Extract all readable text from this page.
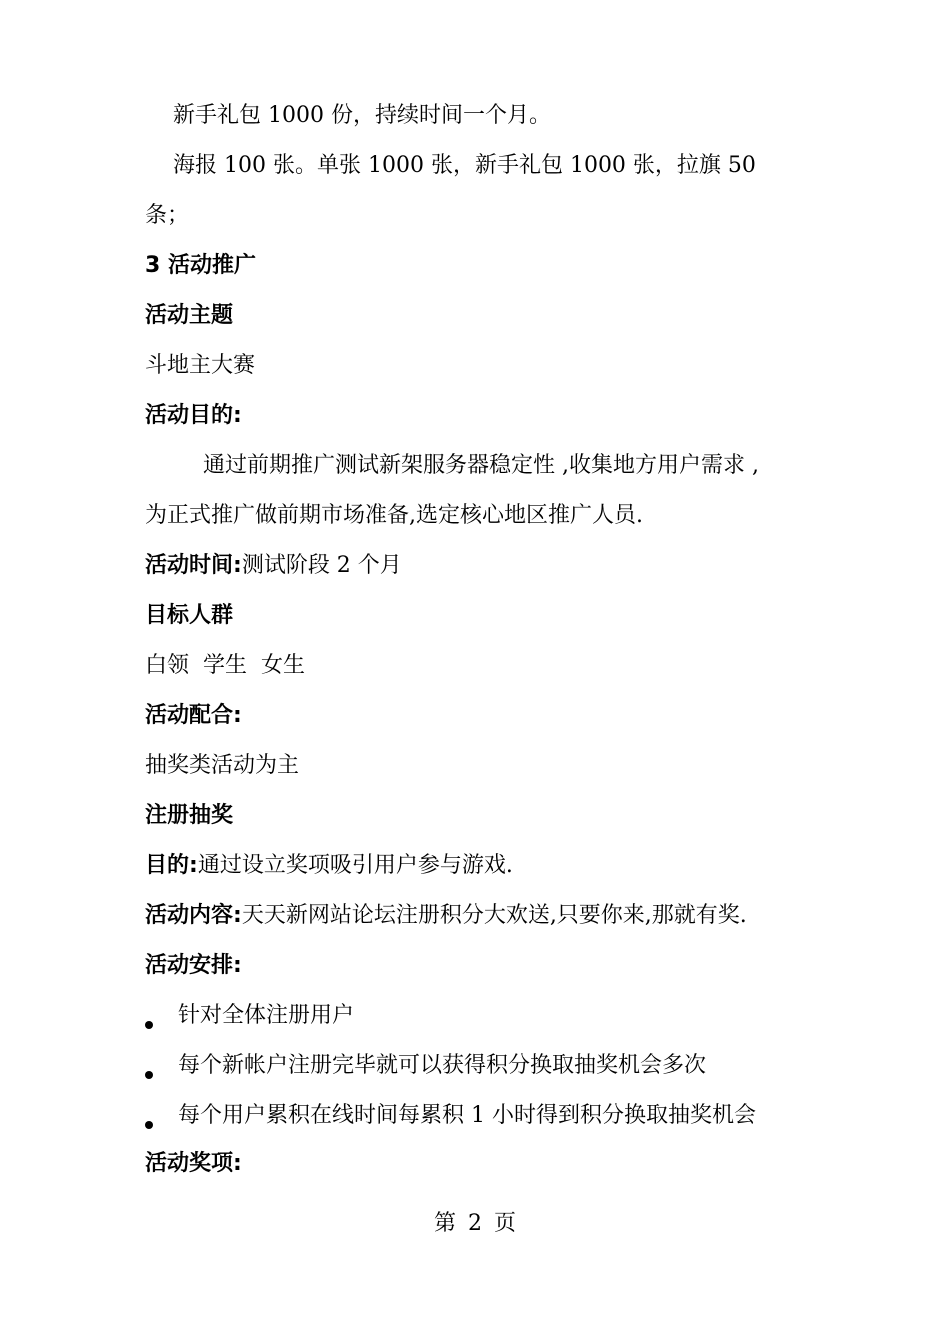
新手礼包 1000 份，持续时间一个月。
海报 100 张。单张 1000 张，新手礼包 1000 张，拉旗 50
条；
3 活动推广
活动主题
斗地主大赛
活动目的:
通过前期推广测试新架服务器稳定性 ,收集地方用户需求 ,
为正式推广做前期市场准备,选定核心地区推广人员.
活动时间:测试阶段 2 个月
目标人群
白领  学生  女生
活动配合:
抽奖类活动为主
注册抽奖
目的:通过设立奖项吸引用户参与游戏.
活动内容:天天新网站论坛注册积分大欢送,只要你来,那就有奖.
活动安排:
针对全体注册用户
每个新帐户注册完毕就可以获得积分换取抽奖机会多次
每个用户累积在线时间每累积 1 小时得到积分换取抽奖机会
活动奖项:
第 2 页
